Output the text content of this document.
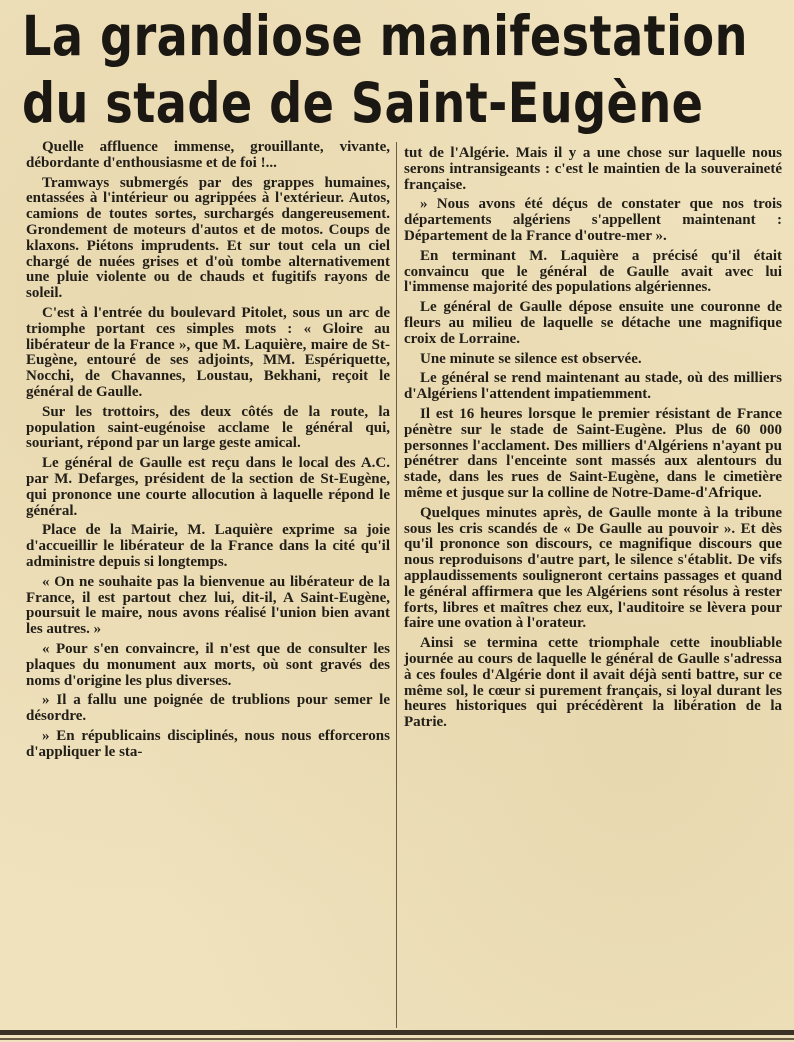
La grandiose manifestation
du stade de Saint-Eugène

Quelle affluence immense, grouillante, vivante, débordante d'enthousiasme et de foi !...

Tramways submergés par des grappes humaines, entassées à l'intérieur ou agrippées à l'extérieur. Autos, camions de toutes sortes, surchargés dangereusement. Grondement de moteurs d'autos et de motos. Coups de klaxons. Piétons imprudents. Et sur tout cela un ciel chargé de nuées grises et d'où tombe alternativement une pluie violente ou de chauds et fugitifs rayons de soleil.

C'est à l'entrée du boulevard Pitolet, sous un arc de triomphe portant ces simples mots : « Gloire au libérateur de la France », que M. Laquière, maire de St-Eugène, entouré de ses adjoints, MM. Espériquette, Nocchi, de Chavannes, Loustau, Bekhani, reçoit le général de Gaulle.

Sur les trottoirs, des deux côtés de la route, la population saint-eugénoise acclame le général qui, souriant, répond par un large geste amical.

Le général de Gaulle est reçu dans le local des A.C. par M. Defarges, président de la section de St-Eugène, qui prononce une courte allocution à laquelle répond le général.

Place de la Mairie, M. Laquière exprime sa joie d'accueillir le libérateur de la France dans la cité qu'il administre depuis si longtemps.

« On ne souhaite pas la bienvenue au libérateur de la France, il est partout chez lui, dit-il, A Saint-Eugène, poursuit le maire, nous avons réalisé l'union bien avant les autres. »

« Pour s'en convaincre, il n'est que de consulter les plaques du monument aux morts, où sont gravés des noms d'origine les plus diverses.

» Il a fallu une poignée de trublions pour semer le désordre.

» En républicains disciplinés, nous nous efforcerons d'appliquer le sta-

tut de l'Algérie. Mais il y a une chose sur laquelle nous serons intransigeants : c'est le maintien de la souveraineté française.

» Nous avons été déçus de constater que nos trois départements algériens s'appellent maintenant : Département de la France d'outre-mer ».

En terminant M. Laquière a précisé qu'il était convaincu que le général de Gaulle avait avec lui l'immense majorité des populations algériennes.

Le général de Gaulle dépose ensuite une couronne de fleurs au milieu de laquelle se détache une magnifique croix de Lorraine.

Une minute se silence est observée.

Le général se rend maintenant au stade, où des milliers d'Algériens l'attendent impatiemment.

Il est 16 heures lorsque le premier résistant de France pénètre sur le stade de Saint-Eugène. Plus de 60 000 personnes l'acclament. Des milliers d'Algériens n'ayant pu pénétrer dans l'enceinte sont massés aux alentours du stade, dans les rues de Saint-Eugène, dans le cimetière même et jusque sur la colline de Notre-Dame-d'Afrique.

Quelques minutes après, de Gaulle monte à la tribune sous les cris scandés de « De Gaulle au pouvoir ». Et dès qu'il prononce son discours, ce magnifique discours que nous reproduisons d'autre part, le silence s'établit. De vifs applaudissements souligneront certains passages et quand le général affirmera que les Algériens sont résolus à rester forts, libres et maîtres chez eux, l'auditoire se lèvera pour faire une ovation à l'orateur.

Ainsi se termina cette triomphale cette inoubliable journée au cours de laquelle le général de Gaulle s'adressa à ces foules d'Algérie dont il avait déjà senti battre, sur ce même sol, le cœur si purement français, si loyal durant les heures historiques qui précédèrent la libération de la Patrie.
